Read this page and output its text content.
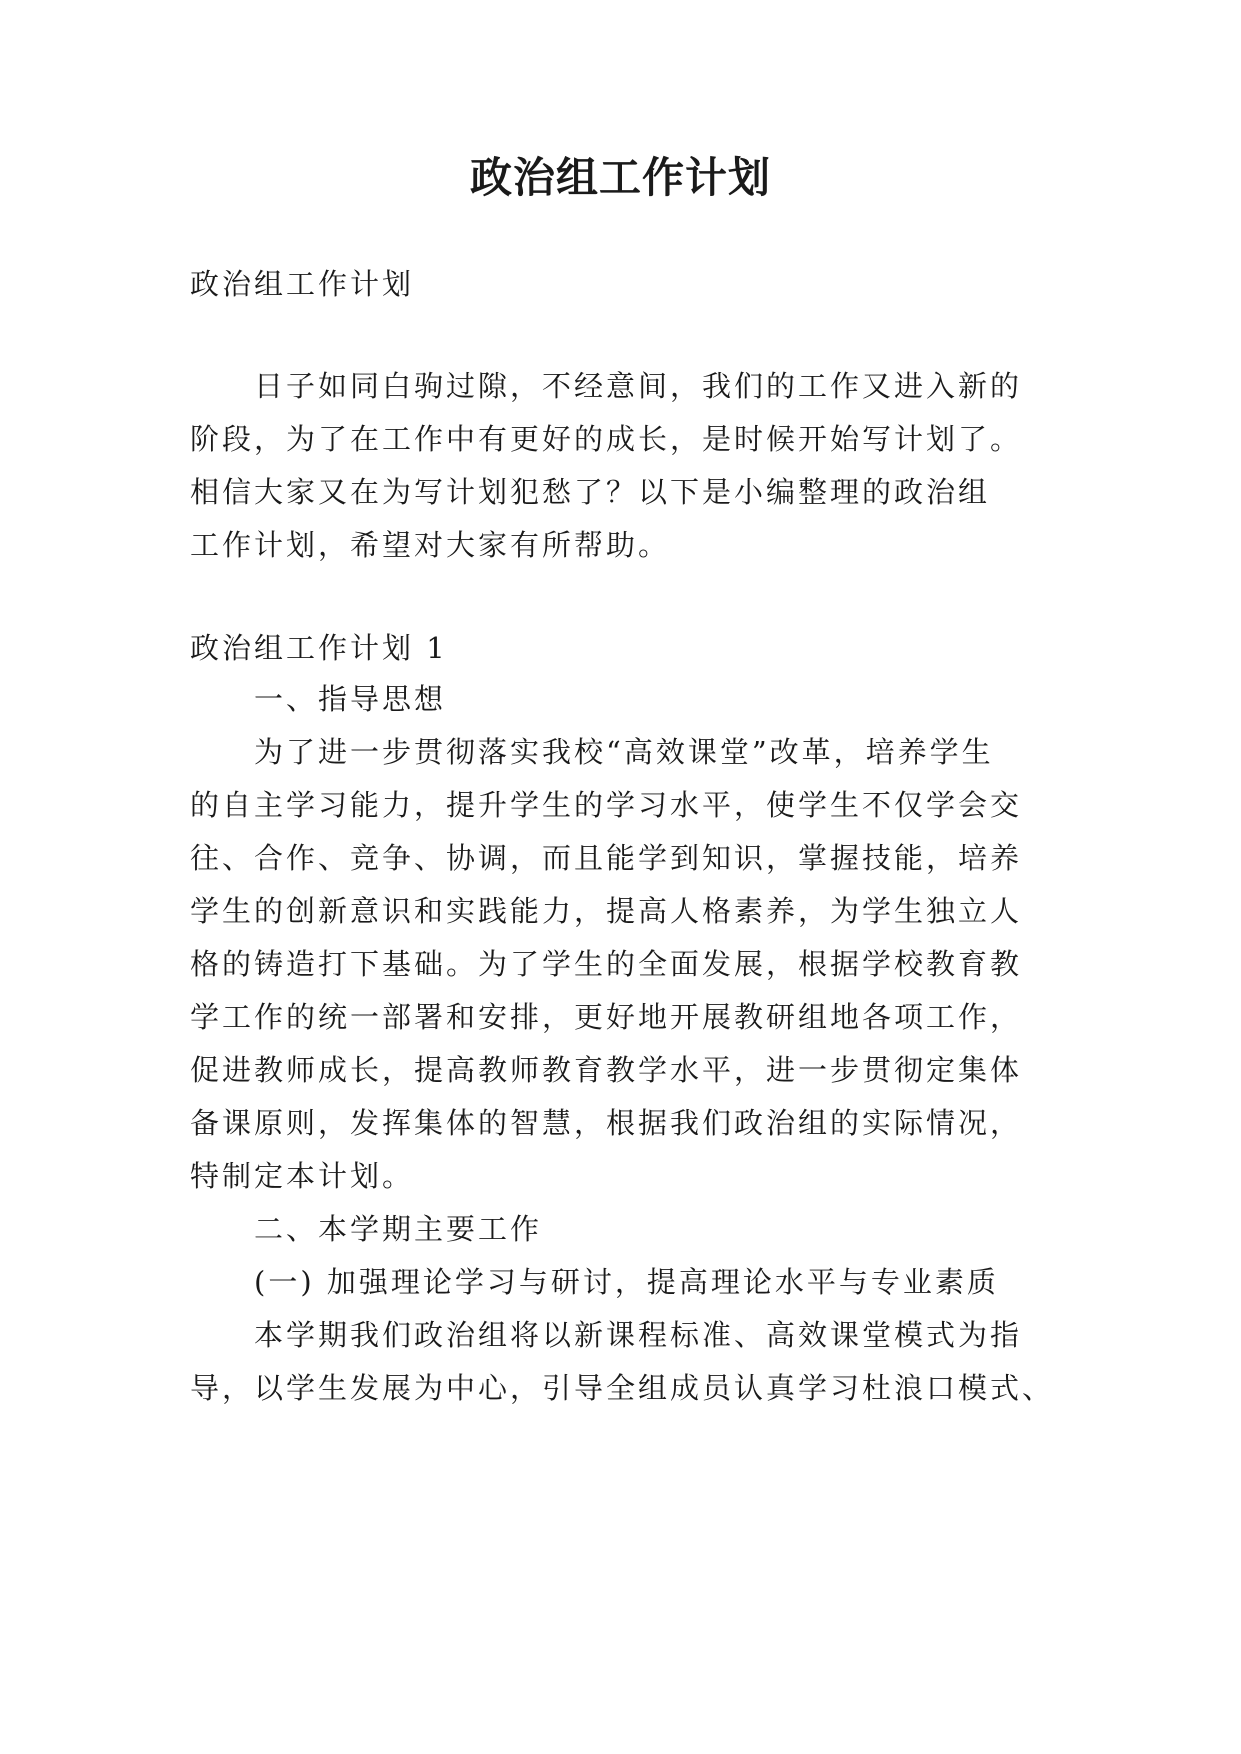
政治组工作计划
政治组工作计划
日子如同白驹过隙，不经意间，我们的工作又进入新的
阶段，为了在工作中有更好的成长，是时候开始写计划了。
相信大家又在为写计划犯愁了？以下是小编整理的政治组
工作计划，希望对大家有所帮助。
政治组工作计划 1
一、指导思想
为了进一步贯彻落实我校“高效课堂”改革，培养学生
的自主学习能力，提升学生的学习水平，使学生不仅学会交
往、合作、竞争、协调，而且能学到知识，掌握技能，培养
学生的创新意识和实践能力，提高人格素养，为学生独立人
格的铸造打下基础。为了学生的全面发展，根据学校教育教
学工作的统一部署和安排，更好地开展教研组地各项工作，
促进教师成长，提高教师教育教学水平，进一步贯彻定集体
备课原则，发挥集体的智慧，根据我们政治组的实际情况，
特制定本计划。
二、本学期主要工作
(一) 加强理论学习与研讨，提高理论水平与专业素质
本学期我们政治组将以新课程标准、高效课堂模式为指
导，以学生发展为中心，引导全组成员认真学习杜浪口模式、
